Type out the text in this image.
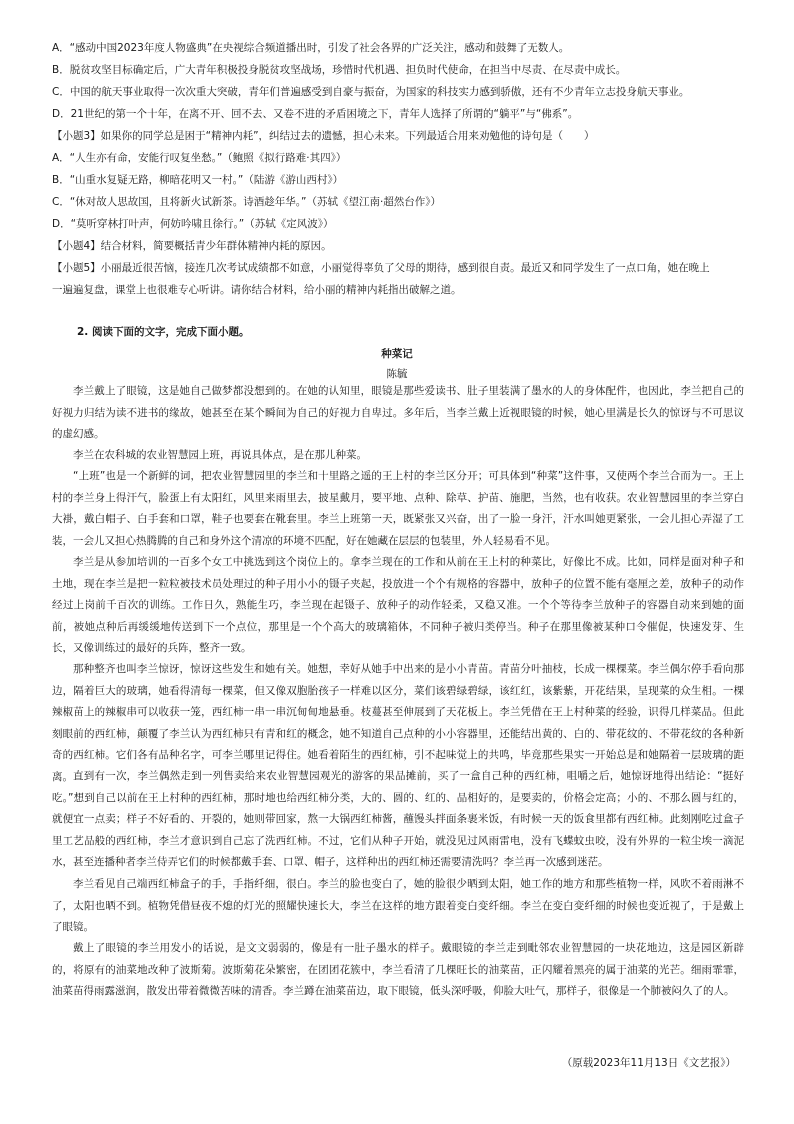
A．“感动中国2023年度人物盛典”在央视综合频道播出时，引发了社会各界的广泛关注，感动和鼓舞了无数人。
B．脱贫攻坚目标确定后，广大青年积极投身脱贫攻坚战场，珍惜时代机遇、担负时代使命，在担当中尽责、在尽责中成长。
C．中国的航天事业取得一次次重大突破，青年们普遍感受到自豪与振奋，为国家的科技实力感到骄傲，还有不少青年立志投身航天事业。
D．21世纪的第一个十年，在离不开、回不去、又卷不进的矛盾困境之下，青年人选择了所谓的“躺平”与“佛系”。
【小题3】如果你的同学总是困于“精神内耗”，纠结过去的遗憾，担心未来。下列最适合用来劝勉他的诗句是（　　）
A．“人生亦有命，安能行叹复坐愁。”（鲍照《拟行路难·其四》）
B．“山重水复疑无路，柳暗花明又一村。”（陆游《游山西村》）
C．“休对故人思故国，且将新火试新茶。诗酒趁年华。”（苏轼《望江南·超然台作》）
D．“莫听穿林打叶声，何妨吟啸且徐行。”（苏轼《定风波》）
【小题4】结合材料，简要概括青少年群体精神内耗的原因。
【小题5】小丽最近很苦恼，接连几次考试成绩都不如意，小丽觉得辜负了父母的期待，感到很自责。最近又和同学发生了一点口角，她在晚上
一遍遍复盘，课堂上也很难专心听讲。请你结合材料，给小丽的精神内耗指出破解之道。
2. 阅读下面的文字，完成下面小题。
种菜记
陈毓
李兰戴上了眼镜，这是她自己做梦都没想到的。在她的认知里，眼镜是那些爱读书、肚子里装满了墨水的人的身体配件，也因此，李兰把自己的好视力归结为读不进书的缘故，她甚至在某个瞬间为自己的好视力自卑过。多年后，当李兰戴上近视眼镜的时候，她心里满是长久的惊讶与不可思议的虚幻感。
李兰在农科城的农业智慧园上班，再说具体点，是在那儿种菜。
“上班”也是一个新鲜的词，把农业智慧园里的李兰和十里路之遥的王上村的李兰区分开；可具体到“种菜”这件事，又使两个李兰合而为一。王上村的李兰身上得汗气，脸蛋上有太阳红，风里来雨里去，披星戴月，要平地、点种、除草、护苗、施肥，当然，也有收获。农业智慧园里的李兰穿白大褂，戴白帽子、白手套和口罩，鞋子也要套在靴套里。李兰上班第一天，既紧张又兴奋，出了一脸一身汗，汗水叫她更紧张，一会儿担心弄湿了工装，一会儿又担心热腾腾的自己和身外这个清凉的环境不匹配，好在她藏在层层的包装里，外人轻易看不见。
李兰是从参加培训的一百多个女工中挑选到这个岗位上的。拿李兰现在的工作和从前在王上村的种菜比，好像比不成。比如，同样是面对种子和土地，现在李兰是把一粒粒被技术员处理过的种子用小小的镊子夹起，投放进一个个有规格的容器中，放种子的位置不能有毫厘之差，放种子的动作经过上岗前千百次的训练。工作日久，熟能生巧，李兰现在起镊子、放种子的动作轻柔，又稳又准。一个个等待李兰放种子的容器自动来到她的面前，被她点种后再缓缓地传送到下一个点位，那里是一个个高大的玻璃箱体，不同种子被归类停当。种子在那里像被某种口令催促，快速发芽、生长，又像训练过的最好的兵阵，整齐一致。
那种整齐也叫李兰惊讶，惊讶这些发生和她有关。她想，幸好从她手中出来的是小小青苗。青苗分叶抽枝，长成一棵棵菜。李兰偶尔停手看向那边，隔着巨大的玻璃，她看得清每一棵菜，但又像双胞胎孩子一样难以区分，菜们该碧绿碧绿，该红红，该紫紫，开花结果，呈现菜的众生相。一棵辣椒苗上的辣椒串可以收获一笼，西红柿一串一串沉甸甸地悬垂。枝蔓甚至伸展到了天花板上。李兰凭借在王上村种菜的经验，识得几样菜品。但此刻眼前的西红柿，颠覆了李兰认为西红柿只有青和红的概念，她不知道自己点种的小小容器里，还能结出黄的、白的、带花纹的、不带花纹的各种新奇的西红柿。它们各有品种名字，可李兰哪里记得住。她看着陌生的西红柿，引不起味觉上的共鸣，毕竟那些果实一开始总是和她隔着一层玻璃的距离。 直到有一次，李兰偶然走到一列售卖给来农业智慧园观光的游客的果品摊前，买了一盒自己种的西红柿，咀嚼之后，她惊讶地得出结论：“挺好吃。”想到自己以前在王上村种的西红柿，那时地也给西红柿分类，大的、圆的、红的、品相好的，是要卖的，价格会定高；小的、不那么圆与红的，就便宜一点卖；样子不好看的、开裂的，她则带回家，熬一大锅西红柿酱，蘸馒头拌面条裹米饭，有时候一天的饭食里都有西红柿。此刻刚吃过盒子里工艺品般的西红柿，李兰才意识到自己忘了洗西红柿。不过，它们从种子开始，就没见过风雨雷电，没有飞蝶蚊虫咬，没有外界的一粒尘埃一滴泥水，甚至连播种者李兰侍弄它们的时候都戴手套、口罩、帽子，这样种出的西红柿还需要清洗吗？李兰再一次感到迷茫。
李兰看见自己端西红柿盒子的手，手指纤细，很白。李兰的脸也变白了，她的脸很少晒到太阳，她工作的地方和那些植物一样，风吹不着雨淋不了，太阳也晒不到。植物凭借昼夜不熄的灯光的照耀快速长大，李兰在这样的地方跟着变白变纤细。李兰在变白变纤细的时候也变近视了，于是戴上了眼镜。
戴上了眼镜的李兰用发小的话说，是文文弱弱的，像是有一肚子墨水的样子。戴眼镜的李兰走到毗邻农业智慧园的一块花地边，这是园区新辟的，将原有的油菜地改种了波斯菊。波斯菊花朵繁密，在团团花簇中，李兰看清了几棵旺长的油菜苗，正闪耀着黑亮的属于油菜的光芒。细雨霏霏，油菜苗得雨露滋润，散发出带着微微苦味的清香。李兰蹲在油菜苗边，取下眼镜，低头深呼吸，仰脸大吐气，那样子，很像是一个肺被闷久了的人。
（原载2023年11月13日《文艺报》）
